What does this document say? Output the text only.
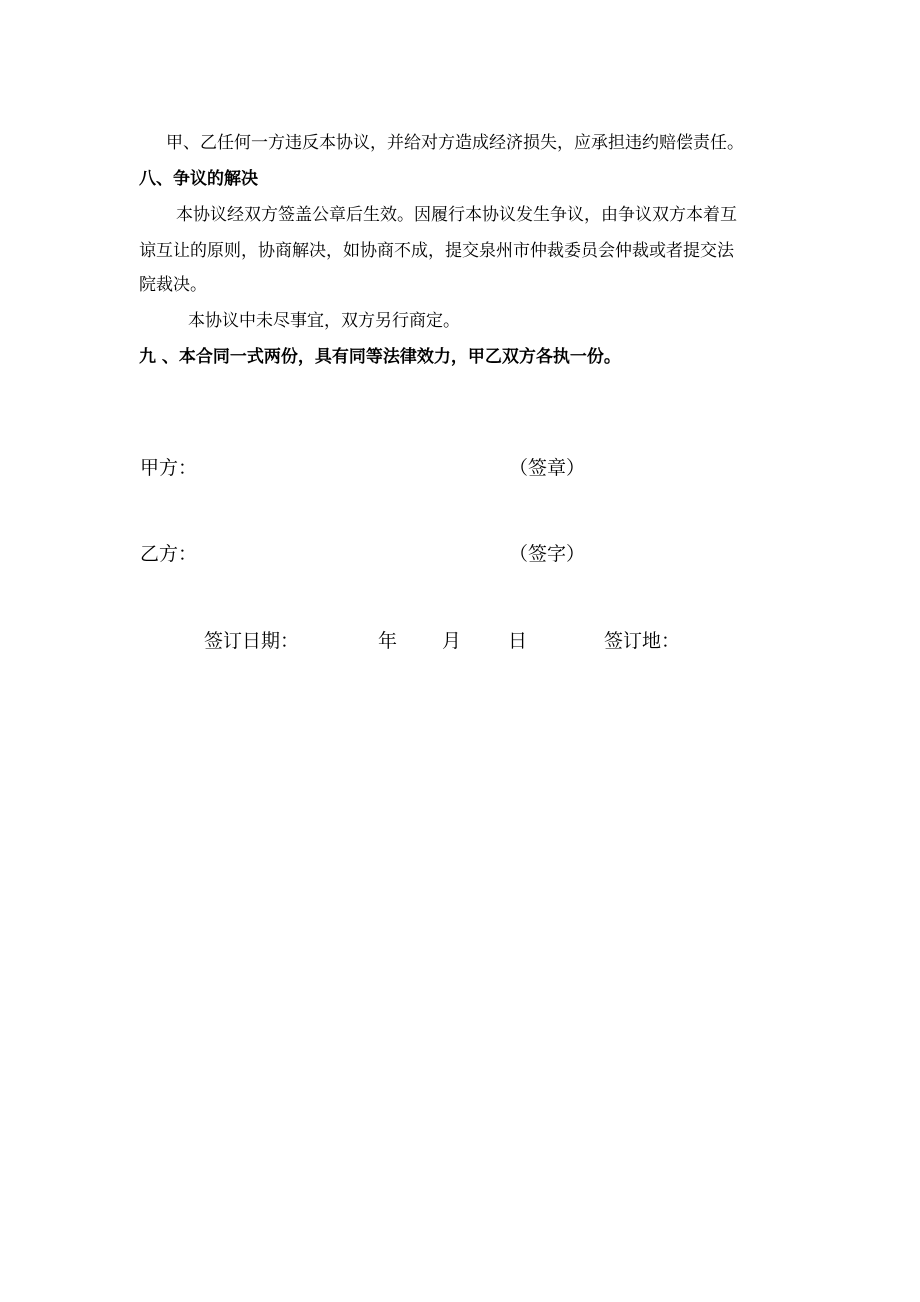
甲、乙任何一方违反本协议，并给对方造成经济损失，应承担违约赔偿责任。
八、争议的解决
本协议经双方签盖公章后生效。因履行本协议发生争议，由争议双方本着互
谅互让的原则，协商解决，如协商不成，提交泉州市仲裁委员会仲裁或者提交法
院裁决。
本协议中未尽事宜，双方另行商定。
九 、本合同一式两份，具有同等法律效力，甲乙双方各执一份。
甲方：	（签章）
乙方：	（签字）
签订日期：	年 月 日	签订地：
